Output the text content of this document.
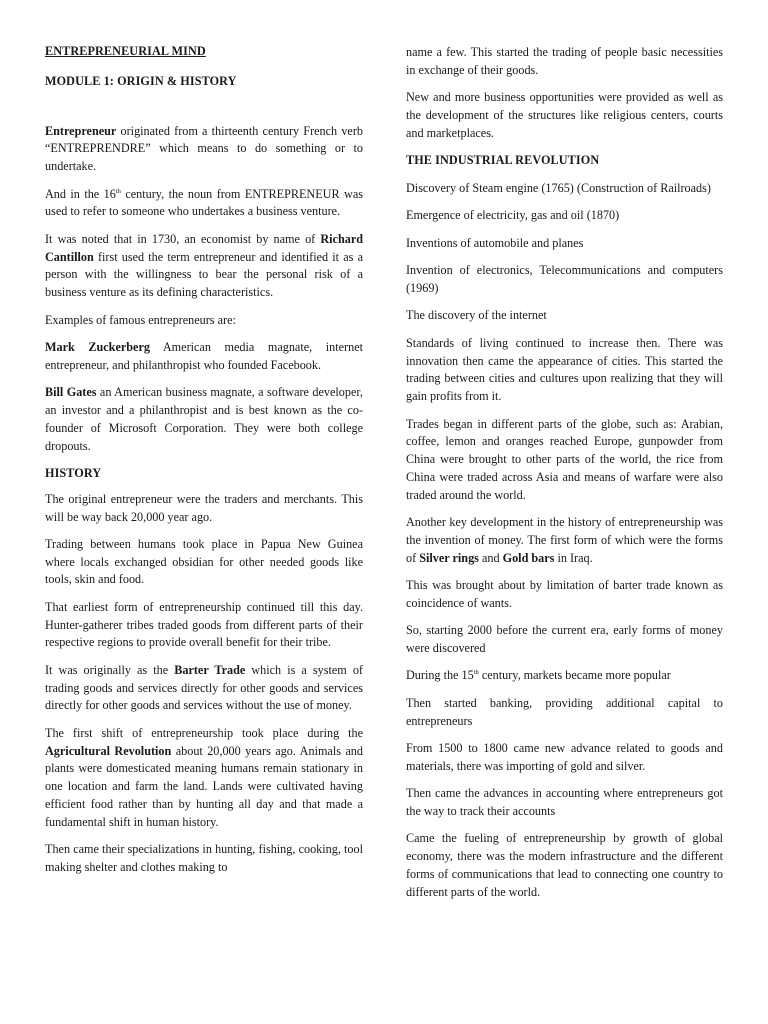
ENTREPRENEURIAL MIND

MODULE 1: ORIGIN & HISTORY

Entrepreneur originated from a thirteenth century French verb “ENTREPRENDRE” which means to do something or to undertake.

And in the 16th century, the noun from ENTREPRENEUR was used to refer to someone who undertakes a business venture.

It was noted that in 1730, an economist by name of Richard Cantillon first used the term entrepreneur and identified it as a person with the willingness to bear the personal risk of a business venture as its defining characteristics.

Examples of famous entrepreneurs are:

Mark Zuckerberg American media magnate, internet entrepreneur, and philanthropist who founded Facebook.

Bill Gates an American business magnate, a software developer, an investor and a philanthropist and is best known as the co-founder of Microsoft Corporation. They were both college dropouts.

HISTORY

The original entrepreneur were the traders and merchants. This will be way back 20,000 year ago.

Trading between humans took place in Papua New Guinea where locals exchanged obsidian for other needed goods like tools, skin and food.

That earliest form of entrepreneurship continued till this day. Hunter-gatherer tribes traded goods from different parts of their respective regions to provide overall benefit for their tribe.

It was originally as the Barter Trade which is a system of trading goods and services directly for other goods and services directly for other goods and services without the use of money.

The first shift of entrepreneurship took place during the Agricultural Revolution about 20,000 years ago. Animals and plants were domesticated meaning humans remain stationary in one location and farm the land. Lands were cultivated having efficient food rather than by hunting all day and that made a fundamental shift in human history.

Then came their specializations in hunting, fishing, cooking, tool making shelter and clothes making to

name a few. This started the trading of people basic necessities in exchange of their goods.

New and more business opportunities were provided as well as the development of the structures like religious centers, courts and marketplaces.

THE INDUSTRIAL REVOLUTION

Discovery of Steam engine (1765) (Construction of Railroads)

Emergence of electricity, gas and oil (1870)

Inventions of automobile and planes

Invention of electronics, Telecommunications and computers (1969)

The discovery of the internet

Standards of living continued to increase then. There was innovation then came the appearance of cities. This started the trading between cities and cultures upon realizing that they will gain profits from it.

Trades began in different parts of the globe, such as: Arabian, coffee, lemon and oranges reached Europe, gunpowder from China were brought to other parts of the world, the rice from China were traded across Asia and means of warfare were also traded around the world.

Another key development in the history of entrepreneurship was the invention of money. The first form of which were the forms of Silver rings and Gold bars in Iraq.

This was brought about by limitation of barter trade known as coincidence of wants.

So, starting 2000 before the current era, early forms of money were discovered

During the 15th century, markets became more popular

Then started banking, providing additional capital to entrepreneurs

From 1500 to 1800 came new advance related to goods and materials, there was importing of gold and silver.

Then came the advances in accounting where entrepreneurs got the way to track their accounts

Came the fueling of entrepreneurship by growth of global economy, there was the modern infrastructure and the different forms of communications that lead to connecting one country to different parts of the world.
